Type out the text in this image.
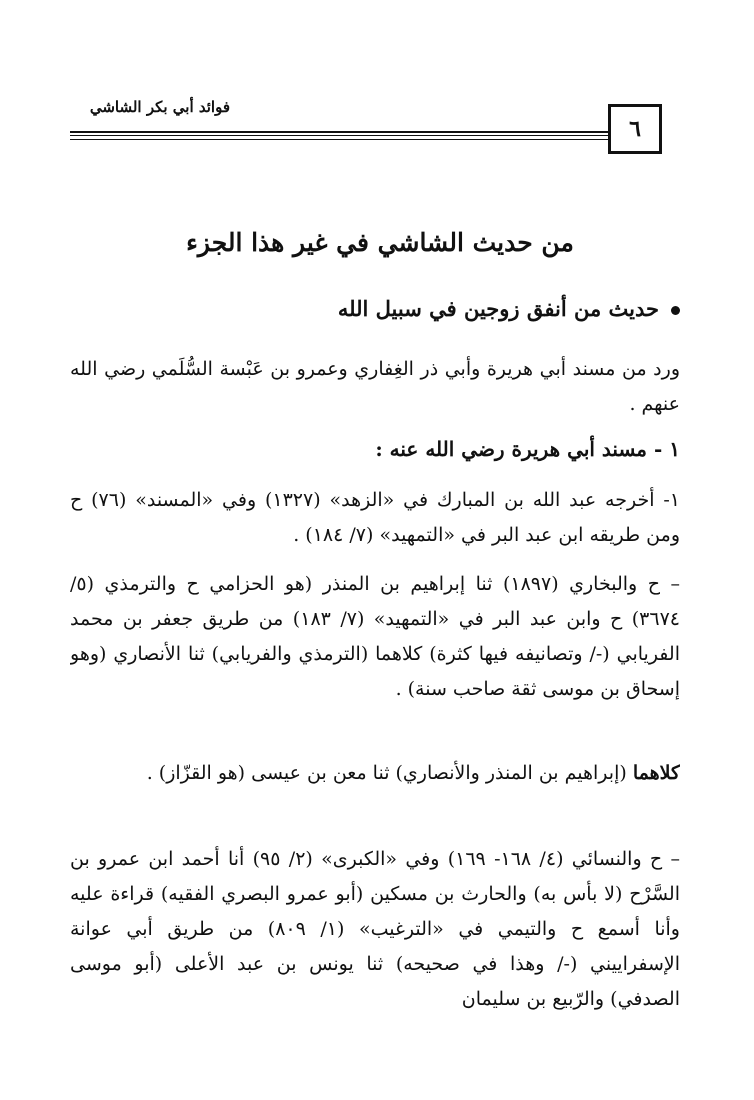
فوائد أبي بكر الشاشي
٦
من حديث الشاشي في غير هذا الجزء
حديث من أنفق زوجين في سبيل الله
ورد من مسند أبي هريرة وأبي ذر الغِفاري وعمرو بن عَبْسة السُّلَمي رضي الله عنهم .
١ - مسند أبي هريرة رضي الله عنه :
١- أخرجه عبد الله بن المبارك في «الزهد» (١٣٢٧) وفي «المسند» (٧٦) ح ومن طريقه ابن عبد البر في «التمهيد» (٧/ ١٨٤) .
– ح والبخاري (١٨٩٧) ثنا إبراهيم بن المنذر (هو الحزامي ح والترمذي (٥/ ٣٦٧٤) ح وابن عبد البر في «التمهيد» (٧/ ١٨٣) من طريق جعفر بن محمد الفريابي (-/ وتصانيفه فيها كثرة) كلاهما (الترمذي والفريابي) ثنا الأنصاري (وهو إسحاق بن موسى ثقة صاحب سنة) .
كلاهما (إبراهيم بن المنذر والأنصاري) ثنا معن بن عيسى (هو القزّاز) .
– ح والنسائي (٤/ ١٦٨- ١٦٩) وفي «الكبرى» (٢/ ٩٥) أنا أحمد ابن عمرو بن السَّرْح (لا بأس به) والحارث بن مسكين (أبو عمرو البصري الفقيه) قراءة عليه وأنا أسمع ح والتيمي في «الترغيب» (١/ ٨٠٩) من طريق أبي عوانة الإسفراييني (-/ وهذا في صحيحه) ثنا يونس بن عبد الأعلى (أبو موسى الصدفي) والرّبيع بن سليمان
